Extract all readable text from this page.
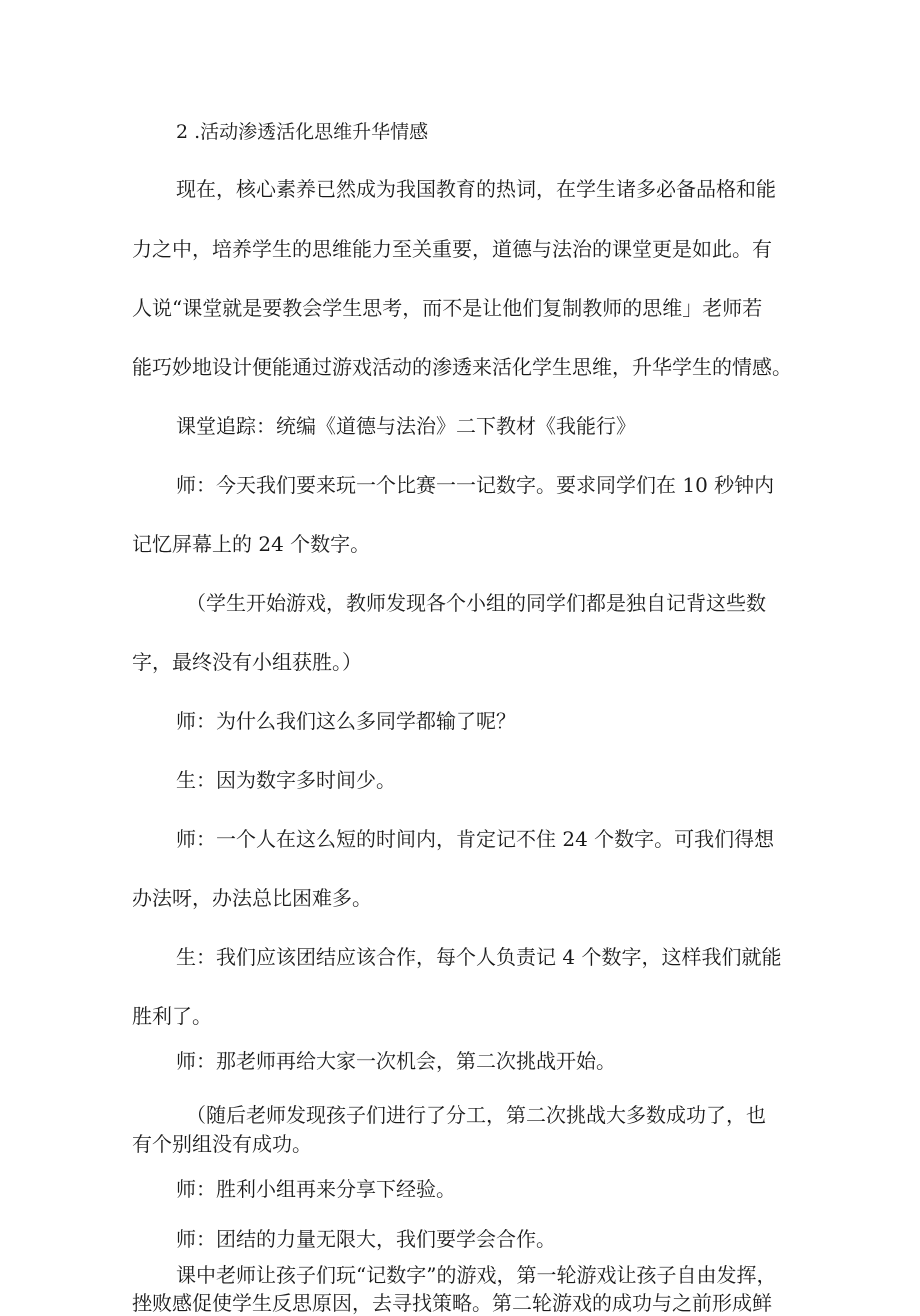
2 .活动渗透活化思维升华情感

现在，核心素养已然成为我国教育的热词，在学生诸多必备品格和能

力之中，培养学生的思维能力至关重要，道德与法治的课堂更是如此。有

人说“课堂就是要教会学生思考，而不是让他们复制教师的思维」老师若

能巧妙地设计便能通过游戏活动的渗透来活化学生思维，升华学生的情感。

课堂追踪：统编《道德与法治》二下教材《我能行》

师：今天我们要来玩一个比赛一一记数字。要求同学们在 10 秒钟内

记忆屏幕上的 24 个数字。

（学生开始游戏，教师发现各个小组的同学们都是独自记背这些数

字，最终没有小组获胜。）

师：为什么我们这么多同学都输了呢？

生：因为数字多时间少。

师：一个人在这么短的时间内，肯定记不住 24 个数字。可我们得想

办法呀，办法总比困难多。

生：我们应该团结应该合作，每个人负责记 4 个数字，这样我们就能

胜利了。

师：那老师再给大家一次机会，第二次挑战开始。

（随后老师发现孩子们进行了分工，第二次挑战大多数成功了，也

有个别组没有成功。

师：胜利小组再来分享下经验。

师：团结的力量无限大，我们要学会合作。

课中老师让孩子们玩“记数字”的游戏，第一轮游戏让孩子自由发挥，

挫败感促使学生反思原因，去寻找策略。第二轮游戏的成功与之前形成鲜
